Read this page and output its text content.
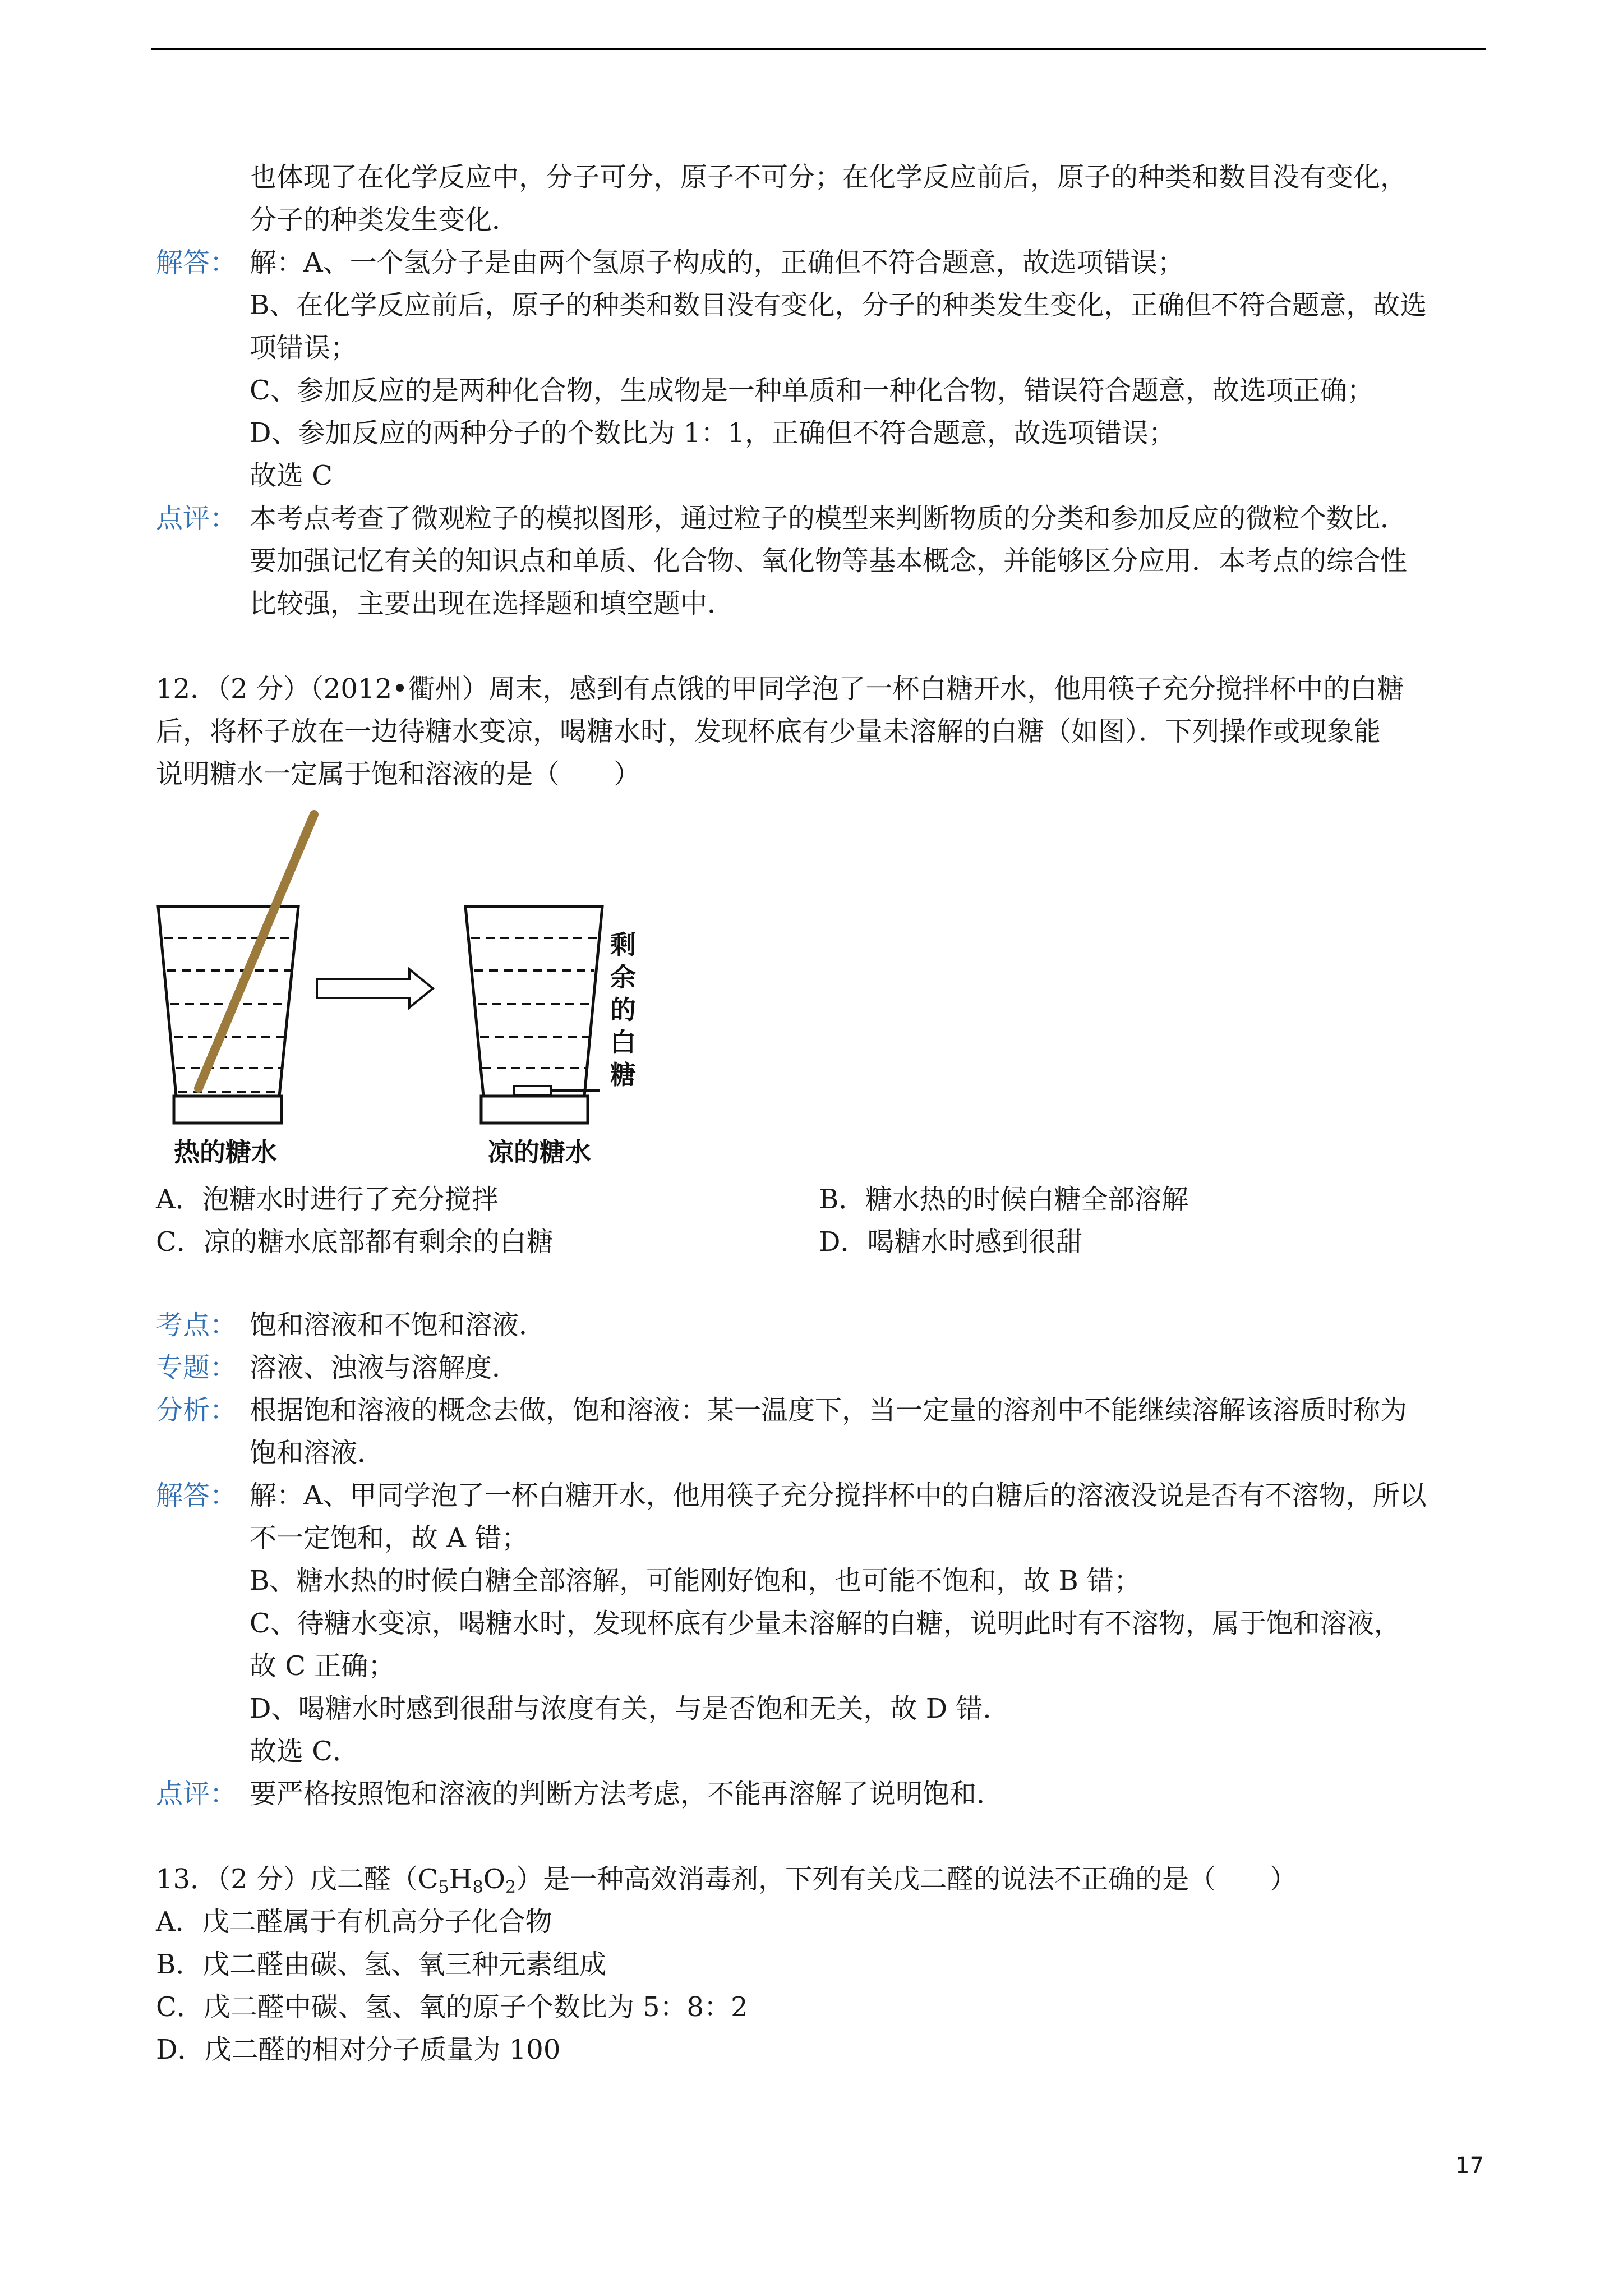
也体现了在化学反应中，分子可分，原子不可分；在化学反应前后，原子的种类和数目没有变化，
分子的种类发生变化．
解答： 解：A、一个氢分子是由两个氢原子构成的，正确但不符合题意，故选项错误；
B、在化学反应前后，原子的种类和数目没有变化，分子的种类发生变化，正确但不符合题意，故选
项错误；
C、参加反应的是两种化合物，生成物是一种单质和一种化合物，错误符合题意，故选项正确；
D、参加反应的两种分子的个数比为 1：1，正确但不符合题意，故选项错误；
故选 C
点评： 本考点考查了微观粒子的模拟图形，通过粒子的模型来判断物质的分类和参加反应的微粒个数比．
要加强记忆有关的知识点和单质、化合物、氧化物等基本概念，并能够区分应用．本考点的综合性
比较强，主要出现在选择题和填空题中．
12．（2 分）（2012•衢州）周末，感到有点饿的甲同学泡了一杯白糖开水，他用筷子充分搅拌杯中的白糖
后，将杯子放在一边待糖水变凉，喝糖水时，发现杯底有少量未溶解的白糖（如图）．下列操作或现象能
说明糖水一定属于饱和溶液的是（　　）
剩
余
的
白
糖
热的糖水	凉的糖水
A．泡糖水时进行了充分搅拌	B．糖水热的时候白糖全部溶解
C．凉的糖水底部都有剩余的白糖	D．喝糖水时感到很甜
考点： 饱和溶液和不饱和溶液．
专题： 溶液、浊液与溶解度．
分析： 根据饱和溶液的概念去做，饱和溶液：某一温度下，当一定量的溶剂中不能继续溶解该溶质时称为
饱和溶液．
解答： 解：A、甲同学泡了一杯白糖开水，他用筷子充分搅拌杯中的白糖后的溶液没说是否有不溶物，所以
不一定饱和，故 A 错；
B、糖水热的时候白糖全部溶解，可能刚好饱和，也可能不饱和，故 B 错；
C、待糖水变凉，喝糖水时，发现杯底有少量未溶解的白糖，说明此时有不溶物，属于饱和溶液，
故 C 正确；
D、喝糖水时感到很甜与浓度有关，与是否饱和无关，故 D 错．
故选 C．
点评： 要严格按照饱和溶液的判断方法考虑，不能再溶解了说明饱和．
13．（2 分）戊二醛$(C_5H_8O_2)$是一种高效消毒剂，下列有关戊二醛的说法不正确的是（　　）
A．戊二醛属于有机高分子化合物
B．戊二醛由碳、氢、氧三种元素组成
C．戊二醛中碳、氢、氧的原子个数比为 5：8：2
D．戊二醛的相对分子质量为 100
17
